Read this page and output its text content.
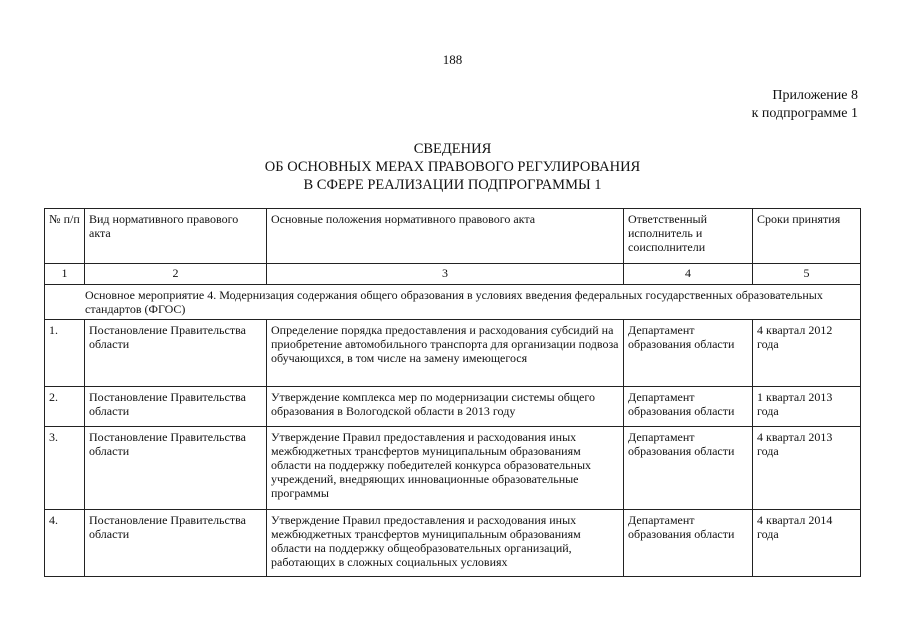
188
Приложение 8
к подпрограмме 1
СВЕДЕНИЯ
ОБ ОСНОВНЫХ МЕРАХ ПРАВОВОГО РЕГУЛИРОВАНИЯ
В СФЕРЕ РЕАЛИЗАЦИИ ПОДПРОГРАММЫ 1
№ п/п	Вид нормативного правового акта	Основные положения нормативного правового акта	Ответственный исполнитель и соисполнители	Сроки принятия
1	2	3	4	5
Основное мероприятие 4. Модернизация содержания общего образования в условиях введения федеральных государственных образовательных стандартов (ФГОС)				
1.	Постановление Правительства области	Определение порядка предоставления и расходования субсидий на приобретение автомобильного транспорта для организации подвоза обучающихся, в том числе на замену имеющегося	Департамент образования области	4 квартал 2012 года
2.	Постановление Правительства области	Утверждение комплекса мер по модернизации системы общего образования в Вологодской области в 2013 году	Департамент образования области	1 квартал 2013 года
3.	Постановление Правительства области	Утверждение Правил предоставления и расходования иных межбюджетных трансфертов муниципальным образованиям области на поддержку победителей конкурса образовательных учреждений, внедряющих инновационные образовательные программы	Департамент образования области	4 квартал 2013 года
4.	Постановление Правительства области	Утверждение Правил предоставления и расходования иных межбюджетных трансфертов муниципальным образованиям области на поддержку общеобразовательных организаций, работающих в сложных социальных условиях	Департамент образования области	4 квартал 2014 года
